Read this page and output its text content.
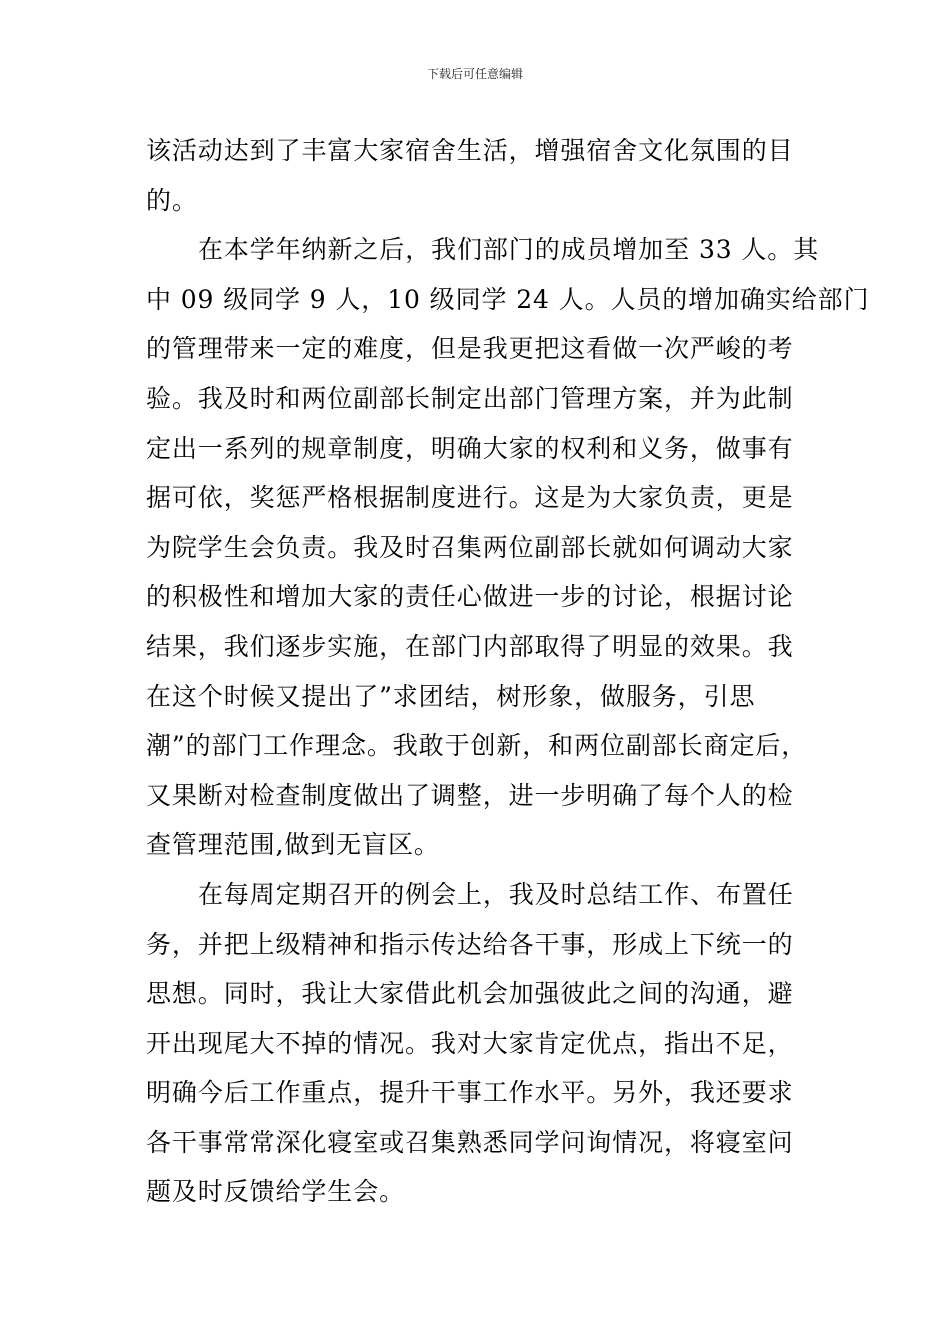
下载后可任意编辑
该活动达到了丰富大家宿舍生活，增强宿舍文化氛围的目
的。
在本学年纳新之后，我们部门的成员增加至 33 人。其
中 09 级同学 9 人，10 级同学 24 人。人员的增加确实给部门
的管理带来一定的难度，但是我更把这看做一次严峻的考
验。我及时和两位副部长制定出部门管理方案，并为此制
定出一系列的规章制度，明确大家的权利和义务，做事有
据可依，奖惩严格根据制度进行。这是为大家负责，更是
为院学生会负责。我及时召集两位副部长就如何调动大家
的积极性和增加大家的责任心做进一步的讨论，根据讨论
结果，我们逐步实施，在部门内部取得了明显的效果。我
在这个时候又提出了”求团结，树形象，做服务，引思
潮”的部门工作理念。我敢于创新，和两位副部长商定后，
又果断对检查制度做出了调整，进一步明确了每个人的检
查管理范围,做到无盲区。
在每周定期召开的例会上，我及时总结工作、布置任
务，并把上级精神和指示传达给各干事，形成上下统一的
思想。同时，我让大家借此机会加强彼此之间的沟通，避
开出现尾大不掉的情况。我对大家肯定优点，指出不足，
明确今后工作重点，提升干事工作水平。另外，我还要求
各干事常常深化寝室或召集熟悉同学问询情况，将寝室问
题及时反馈给学生会。
